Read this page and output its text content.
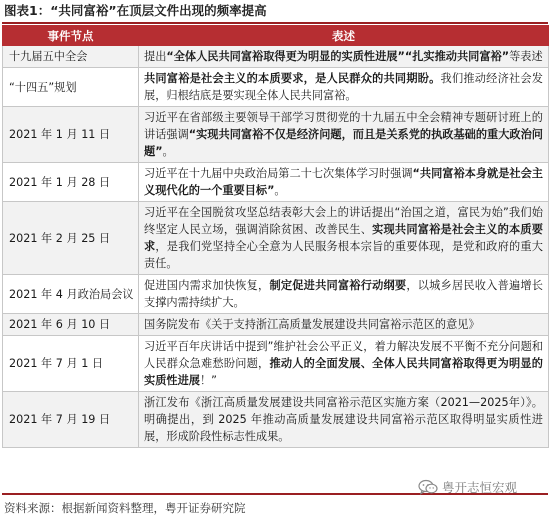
图表1：“共同富裕”在顶层文件出现的频率提高
事件节点	表述
十九届五中全会	提出“全体人民共同富裕取得更为明显的实质性进展”“扎实推动共同富裕”等表述
“十四五”规划	共同富裕是社会主义的本质要求，是人民群众的共同期盼。我们推动经济社会发展，归根结底是要实现全体人民共同富裕。
2021 年 1 月 11 日	习近平在省部级主要领导干部学习贯彻党的十九届五中全会精神专题研讨班上的讲话强调“实现共同富裕不仅是经济问题，而且是关系党的执政基础的重大政治问题”。
2021 年 1 月 28 日	习近平在十九届中央政治局第二十七次集体学习时强调“共同富裕本身就是社会主义现代化的一个重要目标”。
2021 年 2 月 25 日	习近平在全国脱贫攻坚总结表彰大会上的讲话提出“治国之道，富民为始”我们始终坚定人民立场，强调消除贫困、改善民生、实现共同富裕是社会主义的本质要求，是我们党坚持全心全意为人民服务根本宗旨的重要体现，是党和政府的重大责任。
2021 年 4 月政治局会议	促进国内需求加快恢复，制定促进共同富裕行动纲要，以城乡居民收入普遍增长支撑内需持续扩大。
2021 年 6 月 10 日	国务院发布《关于支持浙江高质量发展建设共同富裕示范区的意见》
2021 年 7 月 1 日	习近平百年庆讲话中提到”维护社会公平正义，着力解决发展不平衡不充分问题和人民群众急难愁盼问题，推动人的全面发展、全体人民共同富裕取得更为明显的实质性进展！”
2021 年 7 月 19 日	浙江发布《浙江高质量发展建设共同富裕示范区实施方案（2021—2025年）》。明确提出，到 2025 年推动高质量发展建设共同富裕示范区取得明显实质性进展，形成阶段性标志性成果。
资料来源：根据新闻资料整理，粤开证券研究院
粤开志恒宏观
